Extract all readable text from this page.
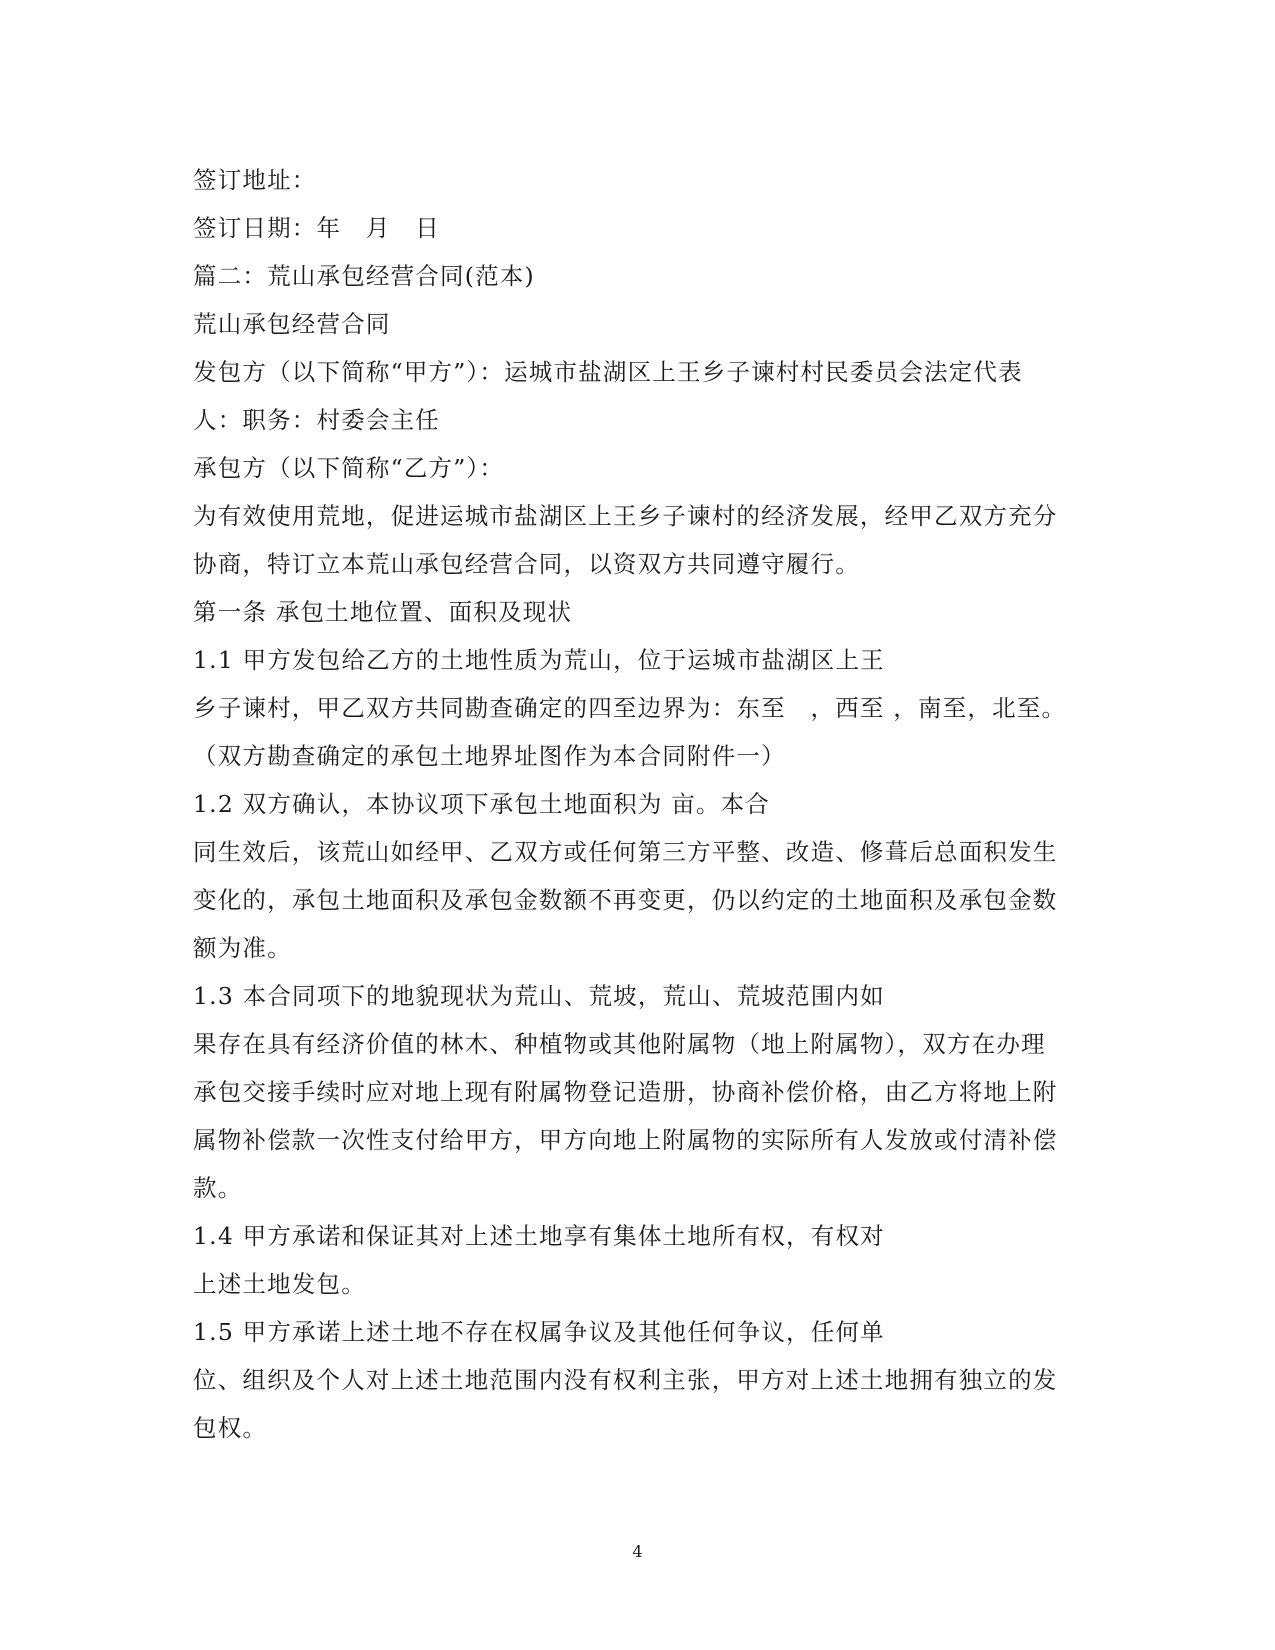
签订地址：
签订日期：年　月　日
篇二：荒山承包经营合同(范本)
荒山承包经营合同
发包方（以下简称“甲方”）：运城市盐湖区上王乡子谏村村民委员会法定代表
人：职务：村委会主任
承包方（以下简称“乙方”）：
为有效使用荒地，促进运城市盐湖区上王乡子谏村的经济发展，经甲乙双方充分
协商，特订立本荒山承包经营合同，以资双方共同遵守履行。
第一条 承包土地位置、面积及现状
1.1 甲方发包给乙方的土地性质为荒山，位于运城市盐湖区上王
乡子谏村，甲乙双方共同勘查确定的四至边界为：东至　，西至 ，南至，北至。
（双方勘查确定的承包土地界址图作为本合同附件一）
1.2 双方确认，本协议项下承包土地面积为 亩。本合
同生效后，该荒山如经甲、乙双方或任何第三方平整、改造、修葺后总面积发生
变化的，承包土地面积及承包金数额不再变更，仍以约定的土地面积及承包金数
额为准。
1.3 本合同项下的地貌现状为荒山、荒坡，荒山、荒坡范围内如
果存在具有经济价值的林木、种植物或其他附属物（地上附属物），双方在办理
承包交接手续时应对地上现有附属物登记造册，协商补偿价格，由乙方将地上附
属物补偿款一次性支付给甲方，甲方向地上附属物的实际所有人发放或付清补偿
款。
1.4 甲方承诺和保证其对上述土地享有集体土地所有权，有权对
上述土地发包。
1.5 甲方承诺上述土地不存在权属争议及其他任何争议，任何单
位、组织及个人对上述土地范围内没有权利主张，甲方对上述土地拥有独立的发
包权。
4
